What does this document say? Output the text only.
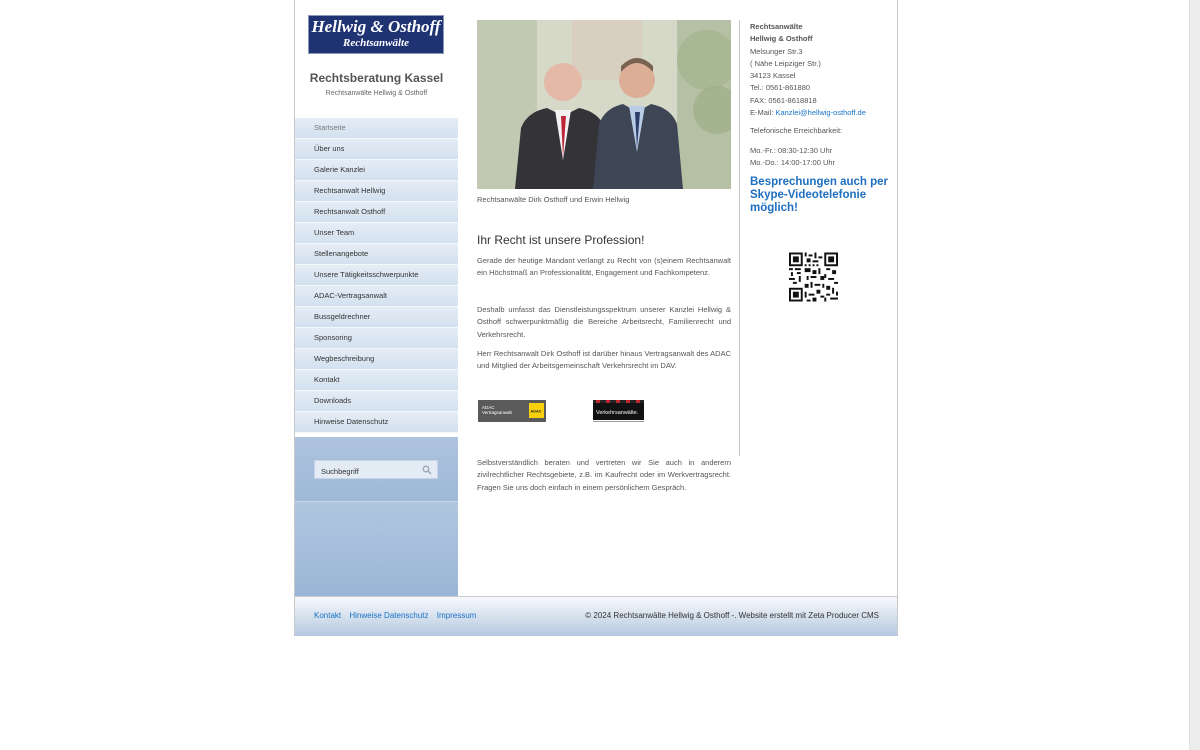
Hellwig & Osthoff
Rechtsanwälte
Rechtsberatung Kassel
Rechtsanwälte Hellwig & Osthoff
Startseite
Über uns
Galerie Kanzlei
Rechtsanwalt Hellwig
Rechtsanwalt Osthoff
Unser Team
Stellenangebote
Unsere Tätigkeitsschwerpunkte
ADAC-Vertragsanwalt
Bussgeldrechner
Sponsoring
Wegbeschreibung
Kontakt
Downloads
Hinweise Datenschutz
Suchbegriff
Rechtsanwälte Dirk Osthoff und Erwin Hellwig
Ihr Recht ist unsere Profession!

Gerade der heutige Mandant verlangt zu Recht von (s)einem Rechtsanwalt ein Höchstmaß an Professionalität, Engagement und Fachkompetenz.

Deshalb umfasst das Dienstleistungsspektrum unserer Kanzlei Hellwig & Osthoff schwerpunktmäßig die Bereiche Arbeitsrecht, Familienrecht und Verkehrsrecht.

Herr Rechtsanwalt Dirk Osthoff ist darüber hinaus Vertragsanwalt des ADAC und Mitglied der Arbeitsgemeinschaft Verkehrsrecht im DAV.

ADAC
Vertragsanwalt	ADAC	Verkehrsanwälte.

Selbstverständlich beraten und vertreten wir Sie auch in anderern zivilrechtlicher Rechtsgebiete, z.B. im Kaufrecht oder im Werkvertragsrecht. Fragen Sie uns doch einfach in einem persönlichem Gespräch.

Rechtsanwälte
Hellwig & Osthoff
Melsunger Str.3
( Nähe Leipziger Str.)
34123 Kassel
Tel.: 0561-861880
FAX: 0561-8618818
E-Mail: Kanzlei@hellwig-osthoff.de
Telefonische Erreichbarkeit:
Mo.-Fr.: 08:30-12:30 Uhr
Mo.-Do.: 14:00-17:00 Uhr
Besprechungen auch per Skype-Videotelefonie möglich!
Kontakt Hinweise Datenschutz Impressum	© 2024 Rechtsanwälte Hellwig & Osthoff -. Website erstellt mit Zeta Producer CMS
